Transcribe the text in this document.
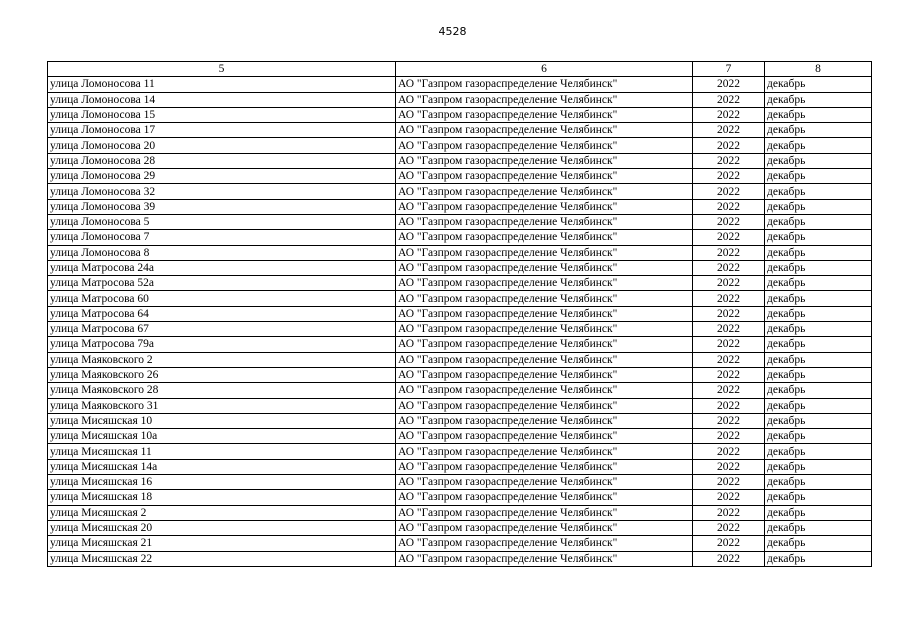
4528
5	6	7	8
улица Ломоносова 11	АО "Газпром газораспределение Челябинск"	2022	декабрь
улица Ломоносова 14	АО "Газпром газораспределение Челябинск"	2022	декабрь
улица Ломоносова 15	АО "Газпром газораспределение Челябинск"	2022	декабрь
улица Ломоносова 17	АО "Газпром газораспределение Челябинск"	2022	декабрь
улица Ломоносова 20	АО "Газпром газораспределение Челябинск"	2022	декабрь
улица Ломоносова 28	АО "Газпром газораспределение Челябинск"	2022	декабрь
улица Ломоносова 29	АО "Газпром газораспределение Челябинск"	2022	декабрь
улица Ломоносова 32	АО "Газпром газораспределение Челябинск"	2022	декабрь
улица Ломоносова 39	АО "Газпром газораспределение Челябинск"	2022	декабрь
улица Ломоносова 5	АО "Газпром газораспределение Челябинск"	2022	декабрь
улица Ломоносова 7	АО "Газпром газораспределение Челябинск"	2022	декабрь
улица Ломоносова 8	АО "Газпром газораспределение Челябинск"	2022	декабрь
улица Матросова 24а	АО "Газпром газораспределение Челябинск"	2022	декабрь
улица Матросова 52а	АО "Газпром газораспределение Челябинск"	2022	декабрь
улица Матросова 60	АО "Газпром газораспределение Челябинск"	2022	декабрь
улица Матросова 64	АО "Газпром газораспределение Челябинск"	2022	декабрь
улица Матросова 67	АО "Газпром газораспределение Челябинск"	2022	декабрь
улица Матросова 79а	АО "Газпром газораспределение Челябинск"	2022	декабрь
улица Маяковского 2	АО "Газпром газораспределение Челябинск"	2022	декабрь
улица Маяковского 26	АО "Газпром газораспределение Челябинск"	2022	декабрь
улица Маяковского 28	АО "Газпром газораспределение Челябинск"	2022	декабрь
улица Маяковского 31	АО "Газпром газораспределение Челябинск"	2022	декабрь
улица Мисяшская 10	АО "Газпром газораспределение Челябинск"	2022	декабрь
улица Мисяшская 10а	АО "Газпром газораспределение Челябинск"	2022	декабрь
улица Мисяшская 11	АО "Газпром газораспределение Челябинск"	2022	декабрь
улица Мисяшская 14а	АО "Газпром газораспределение Челябинск"	2022	декабрь
улица Мисяшская 16	АО "Газпром газораспределение Челябинск"	2022	декабрь
улица Мисяшская 18	АО "Газпром газораспределение Челябинск"	2022	декабрь
улица Мисяшская 2	АО "Газпром газораспределение Челябинск"	2022	декабрь
улица Мисяшская 20	АО "Газпром газораспределение Челябинск"	2022	декабрь
улица Мисяшская 21	АО "Газпром газораспределение Челябинск"	2022	декабрь
улица Мисяшская 22	АО "Газпром газораспределение Челябинск"	2022	декабрь
